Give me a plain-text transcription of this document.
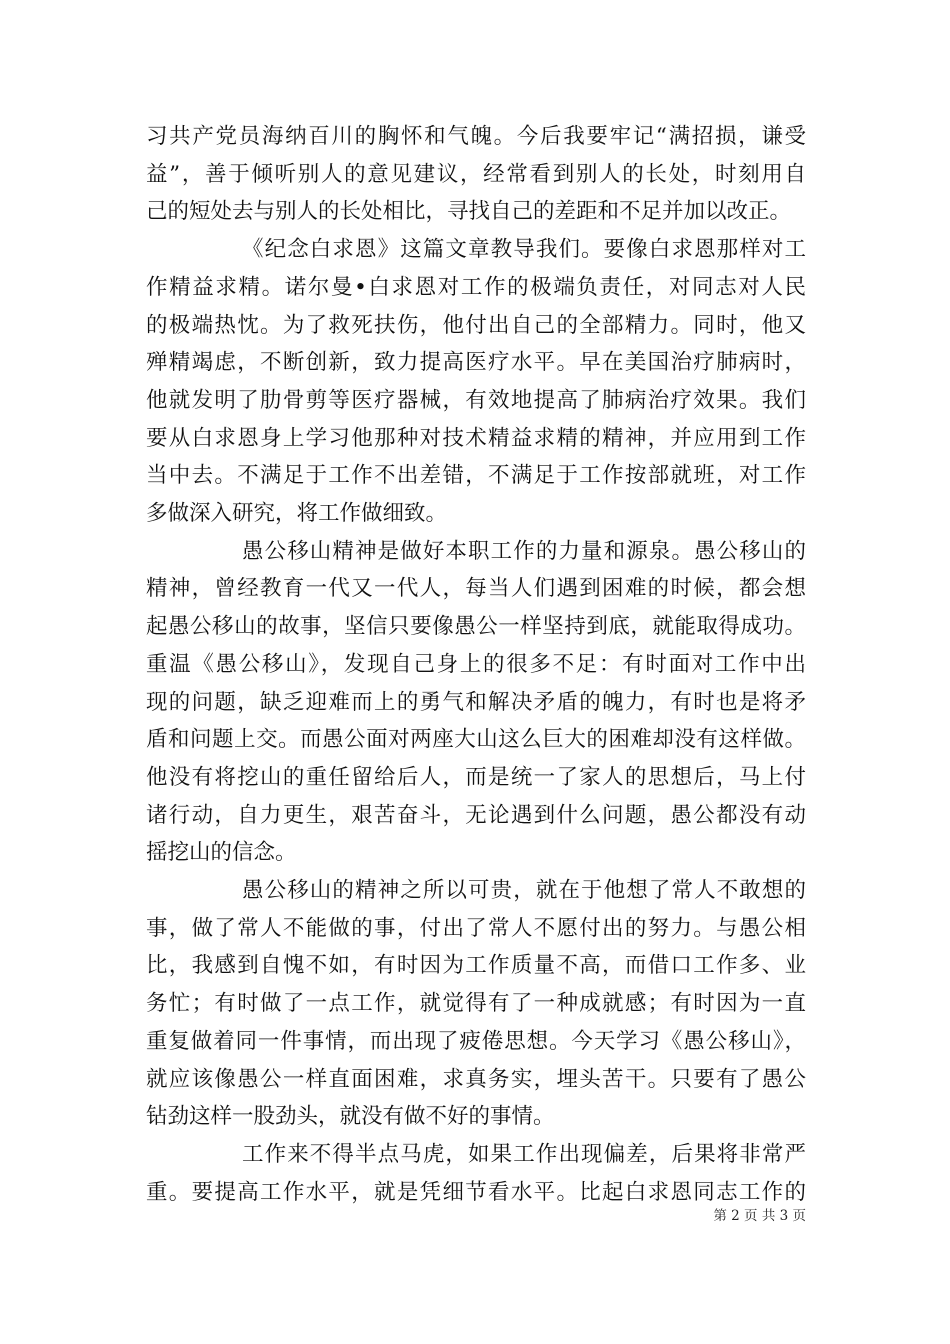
习共产党员海纳百川的胸怀和气魄。今后我要牢记“满招损，谦受
益”，善于倾听别人的意见建议，经常看到别人的长处，时刻用自
己的短处去与别人的长处相比，寻找自己的差距和不足并加以改正。
《纪念白求恩》这篇文章教导我们。要像白求恩那样对工
作精益求精。诺尔曼•白求恩对工作的极端负责任，对同志对人民
的极端热忱。为了救死扶伤，他付出自己的全部精力。同时，他又
殚精竭虑，不断创新，致力提高医疗水平。早在美国治疗肺病时，
他就发明了肋骨剪等医疗器械，有效地提高了肺病治疗效果。我们
要从白求恩身上学习他那种对技术精益求精的精神，并应用到工作
当中去。不满足于工作不出差错，不满足于工作按部就班，对工作
多做深入研究，将工作做细致。
愚公移山精神是做好本职工作的力量和源泉。愚公移山的
精神，曾经教育一代又一代人，每当人们遇到困难的时候，都会想
起愚公移山的故事，坚信只要像愚公一样坚持到底，就能取得成功。
重温《愚公移山》，发现自己身上的很多不足：有时面对工作中出
现的问题，缺乏迎难而上的勇气和解决矛盾的魄力，有时也是将矛
盾和问题上交。而愚公面对两座大山这么巨大的困难却没有这样做。
他没有将挖山的重任留给后人，而是统一了家人的思想后，马上付
诸行动，自力更生，艰苦奋斗，无论遇到什么问题，愚公都没有动
摇挖山的信念。
愚公移山的精神之所以可贵，就在于他想了常人不敢想的
事，做了常人不能做的事，付出了常人不愿付出的努力。与愚公相
比，我感到自愧不如，有时因为工作质量不高，而借口工作多、业
务忙；有时做了一点工作，就觉得有了一种成就感；有时因为一直
重复做着同一件事情，而出现了疲倦思想。今天学习《愚公移山》，
就应该像愚公一样直面困难，求真务实，埋头苦干。只要有了愚公
钻劲这样一股劲头，就没有做不好的事情。
工作来不得半点马虎，如果工作出现偏差，后果将非常严
重。要提高工作水平，就是凭细节看水平。比起白求恩同志工作的
第 2 页 共 3 页
